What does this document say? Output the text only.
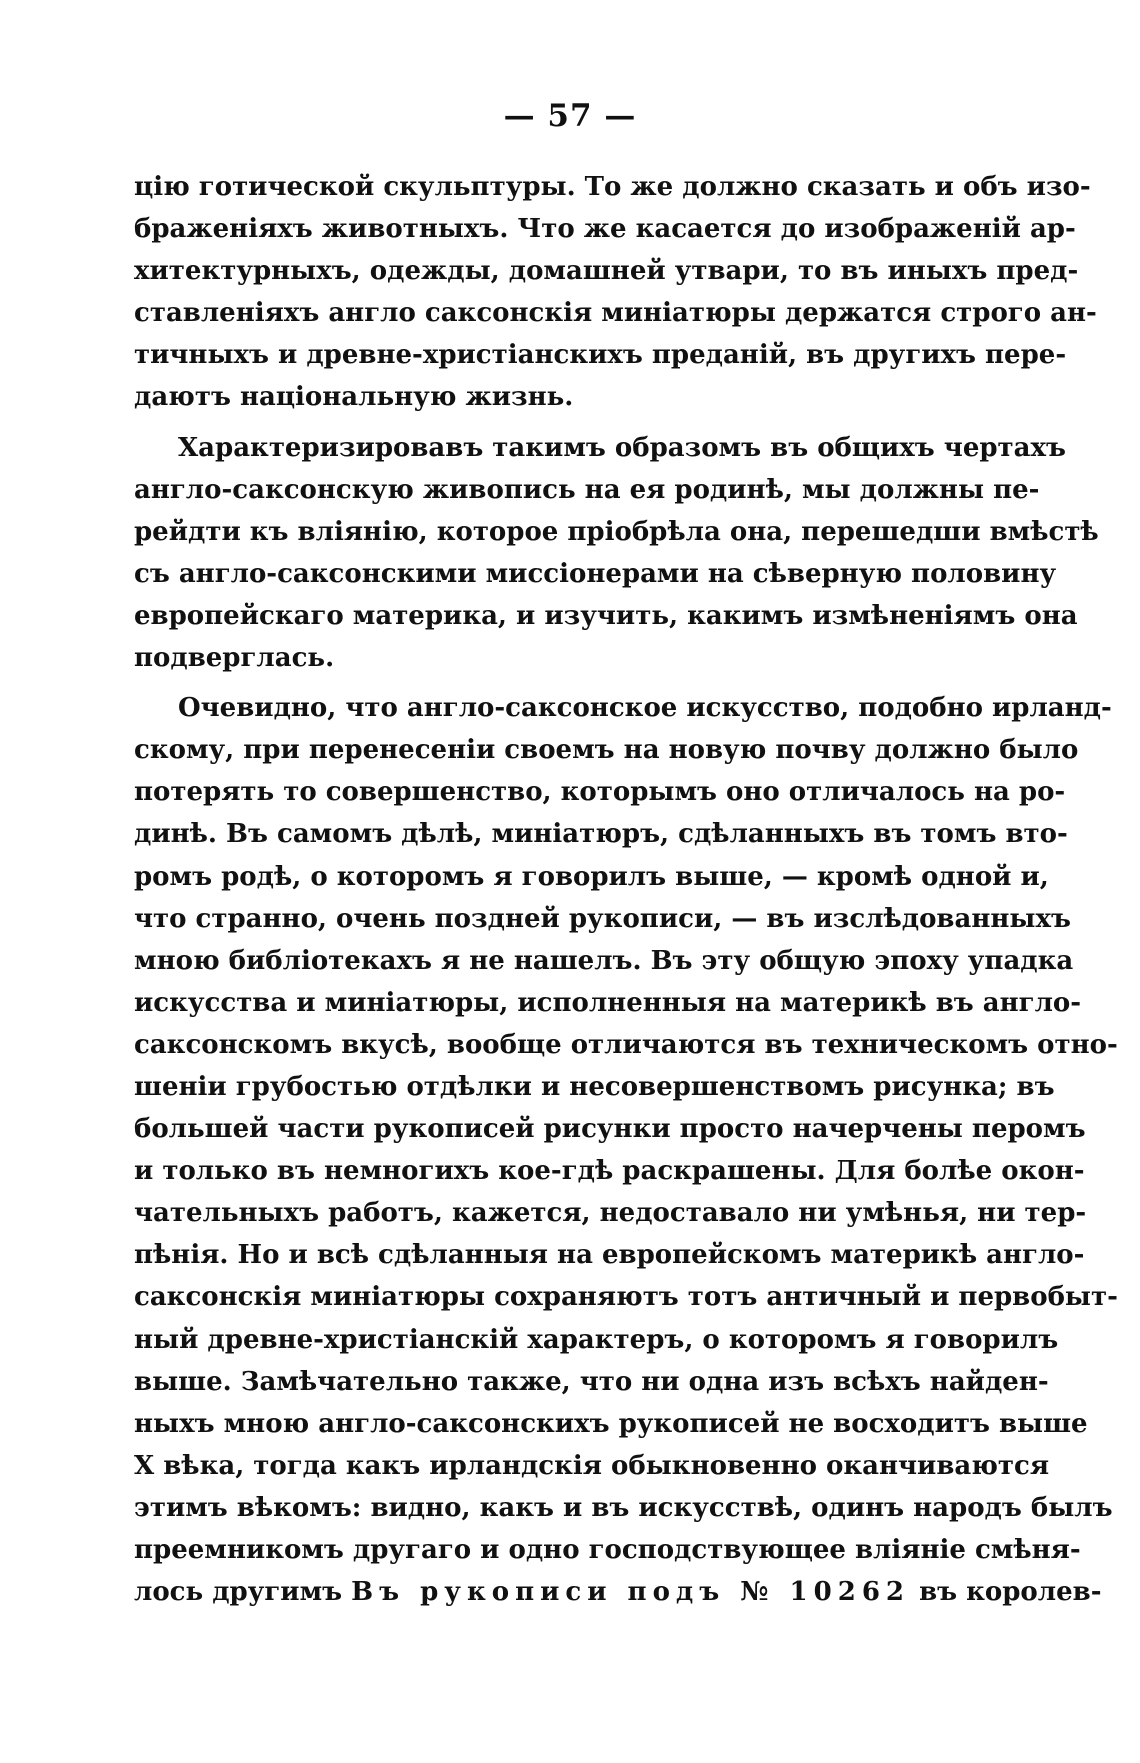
— 57 —
цію готической скульптуры. То же должно сказать и объ изо-
браженіяхъ животныхъ. Что же касается до изображеній ар-
хитектурныхъ, одежды, домашней утвари, то въ иныхъ пред-
ставленіяхъ англо саксонскія миніатюры держатся строго ан-
тичныхъ и древне-христіанскихъ преданій, въ другихъ пере-
даютъ національную жизнь.
Характеризировавъ такимъ образомъ въ общихъ чертахъ
англо-саксонскую живопись на ея родинѣ, мы должны пе-
рейдти къ вліянію, которое пріобрѣла она, перешедши вмѣстѣ
съ англо-саксонскими миссіонерами на сѣверную половину
европейскаго материка, и изучить, какимъ измѣненіямъ она
подверглась.
Очевидно, что англо-саксонское искусство, подобно ирланд-
скому, при перенесеніи своемъ на новую почву должно было
потерять то совершенство, которымъ оно отличалось на ро-
динѣ. Въ самомъ дѣлѣ, миніатюръ, сдѣланныхъ въ томъ вто-
ромъ родѣ, о которомъ я говорилъ выше, — кромѣ одной и,
что странно, очень поздней рукописи, — въ изслѣдованныхъ
мною библіотекахъ я не нашелъ. Въ эту общую эпоху упадка
искусства и миніатюры, исполненныя на материкѣ въ англо-
саксонскомъ вкусѣ, вообще отличаются въ техническомъ отно-
шеніи грубостью отдѣлки и несовершенствомъ рисунка; въ
большей части рукописей рисунки просто начерчены перомъ
и только въ немногихъ кое-гдѣ раскрашены. Для болѣе окон-
чательныхъ работъ, кажется, недоставало ни умѣнья, ни тер-
пѣнія. Но и всѣ сдѣланныя на европейскомъ материкѣ англо-
саксонскія миніатюры сохраняютъ тотъ античный и первобыт-
ный древне-христіанскій характеръ, о которомъ я говорилъ
выше. Замѣчательно также, что ни одна изъ всѣхъ найден-
ныхъ мною англо-саксонскихъ рукописей не восходитъ выше
X вѣка, тогда какъ ирландскія обыкновенно оканчиваются
этимъ вѣкомъ: видно, какъ и въ искусствѣ, одинъ народъ былъ
преемникомъ другаго и одно господствующее вліяніе смѣня-
лось другимъ Въ рукописи подъ № 10262 въ королев-
